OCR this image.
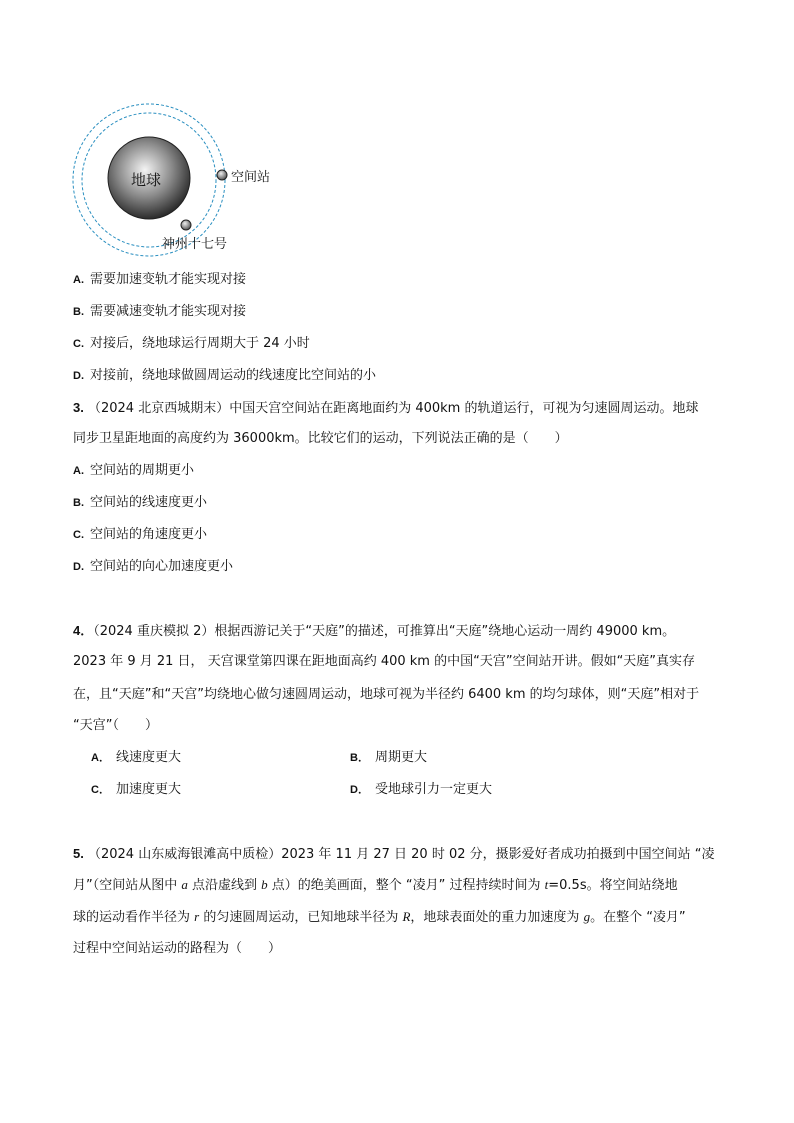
地球	空间站
神州十七号
A. 需要加速变轨才能实现对接
B. 需要减速变轨才能实现对接
C. 对接后，绕地球运行周期大于 24 小时
D. 对接前，绕地球做圆周运动的线速度比空间站的小
3. （2024 北京西城期末）中国天宫空间站在距离地面约为 400km 的轨道运行，可视为匀速圆周运动。地球
同步卫星距地面的高度约为 36000km。比较它们的运动，下列说法正确的是（　　）
A. 空间站的周期更小
B. 空间站的线速度更小
C. 空间站的角速度更小
D. 空间站的向心加速度更小
4．（2024 重庆模拟 2）根据西游记关于“天庭”的描述，可推算出“天庭”绕地心运动一周约 49000 km。
2023 年 9 月 21 日， 天宫课堂第四课在距地面高约 400 km 的中国“天宫”空间站开讲。假如“天庭”真实存
在，且“天庭”和“天宫”均绕地心做匀速圆周运动，地球可视为半径约 6400 km 的均匀球体，则“天庭”相对于
“天宫”（　　）
A． 线速度更大	B． 周期更大
C． 加速度更大	D． 受地球引力一定更大
5. （2024 山东威海银滩高中质检）2023 年 11 月 27 日 20 时 02 分，摄影爱好者成功拍摄到中国空间站 “凌
月”（空间站从图中 a 点沿虚线到 b 点）的绝美画面，整个 “凌月” 过程持续时间为 t=0.5s。将空间站绕地
球的运动看作半径为 r 的匀速圆周运动，已知地球半径为 R，地球表面处的重力加速度为 g。在整个 “凌月”
过程中空间站运动的路程为（　　）
